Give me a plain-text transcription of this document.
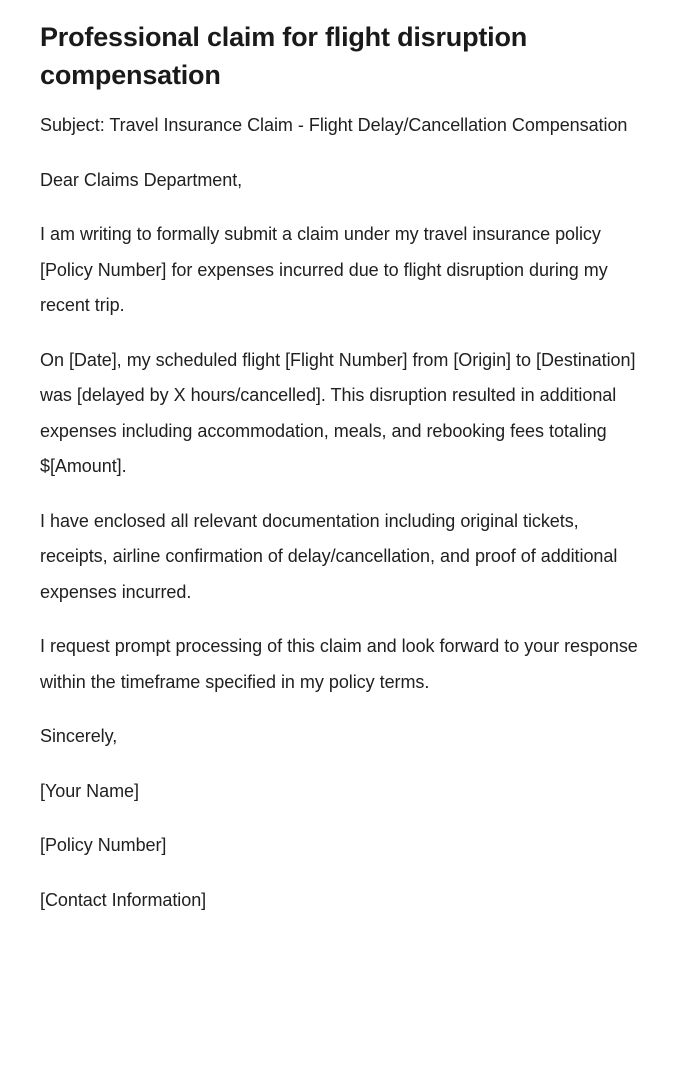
Professional claim for flight disruption compensation

Subject: Travel Insurance Claim - Flight Delay/Cancellation Compensation

Dear Claims Department,

I am writing to formally submit a claim under my travel insurance policy [Policy Number] for expenses incurred due to flight disruption during my recent trip.

On [Date], my scheduled flight [Flight Number] from [Origin] to [Destination] was [delayed by X hours/cancelled]. This disruption resulted in additional expenses including accommodation, meals, and rebooking fees totaling $[Amount].

I have enclosed all relevant documentation including original tickets, receipts, airline confirmation of delay/cancellation, and proof of additional expenses incurred.

I request prompt processing of this claim and look forward to your response within the timeframe specified in my policy terms.

Sincerely,

[Your Name]

[Policy Number]

[Contact Information]
